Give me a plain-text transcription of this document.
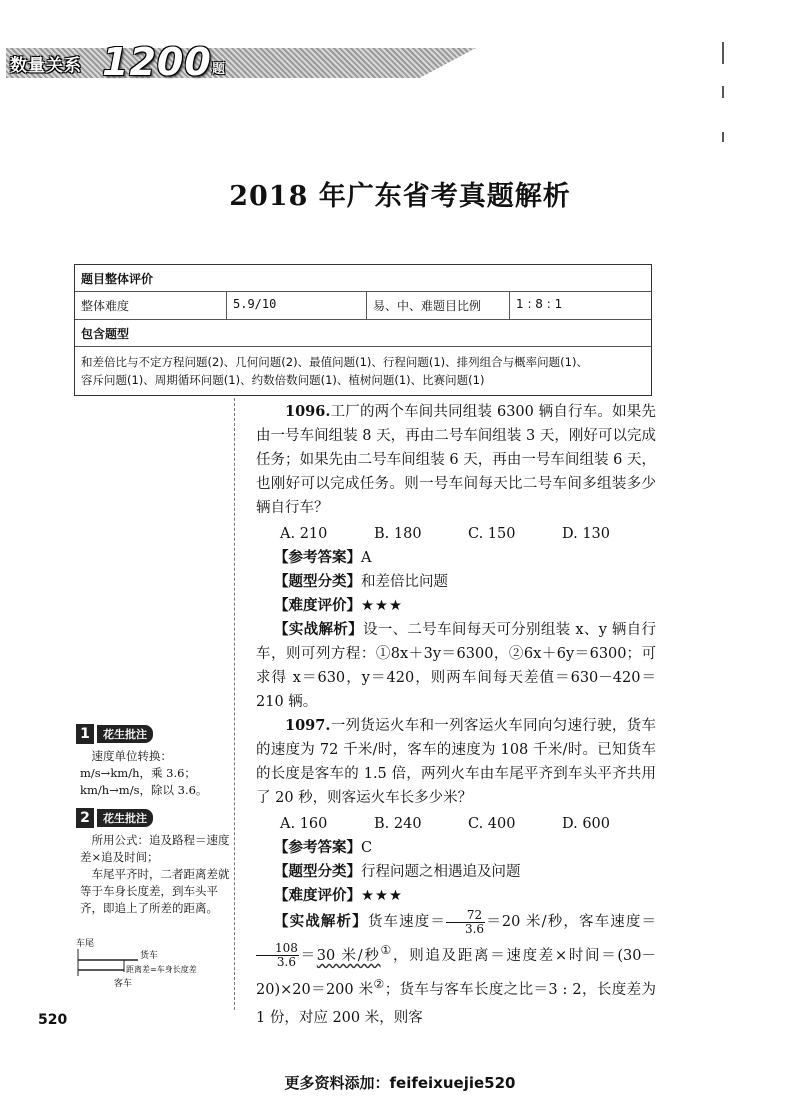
数量关系 1200 题
2018 年广东省考真题解析
题目整体评价
整体难度	5.9/10	易、中、难题目比例	1 : 8 : 1
包含题型
和差倍比与不定方程问题(2)、几何问题(2)、最值问题(1)、行程问题(1)、排列组合与概率问题(1)、
容斥问题(1)、周期循环问题(1)、约数倍数问题(1)、植树问题(1)、比赛问题(1)

1096.工厂的两个车间共同组装 6300 辆自行车。如果先由一号车间组装 8 天，再由二号车间组装 3 天，刚好可以完成任务；如果先由二号车间组装 6 天，再由一号车间组装 6 天，也刚好可以完成任务。则一号车间每天比二号车间多组装多少辆自行车？

A. 210	B. 180	C. 150	D. 130
【参考答案】A
【题型分类】和差倍比问题
【难度评价】★★★

【实战解析】设一、二号车间每天可分别组装 x、y 辆自行车，则可列方程：①8x＋3y＝6300，②6x＋6y＝6300；可求得 x＝630，y＝420，则两车间每天差值＝630－420＝210 辆。

1097.一列货运火车和一列客运火车同向匀速行驶，货车的速度为 72 千米/时，客车的速度为 108 千米/时。已知货车的长度是客车的 1.5 倍，两列火车由车尾平齐到车头平齐共用了 20 秒，则客运火车长多少米？

A. 160	B. 240	C. 400	D. 600
【参考答案】C
【题型分类】行程问题之相遇追及问题
【难度评价】★★★

【实战解析】货车速度＝ $\frac{72}{3.6} =20$ 米/秒，客车速度＝
$\frac{108}{3.6} =30$ 米/秒①，则追及距离＝速度差×时间＝(30－20)×20＝200 米②；货车与客车长度之比＝3 : 2，长度差为 1 份，对应 200 米，则客

1	花生批注
速度单位转换：
m/s→km/h，乘 3.6；
km/h→m/s，除以 3.6。
2	花生批注
所用公式：追及路程＝速度差×追及时间；
车尾平齐时，二者距离差就等于车身长度差，到车头平齐，即追上了所差的距离。
车尾
货车
距离差=车身长度差
客车
520
更多资料添加：feifeixuejie520
